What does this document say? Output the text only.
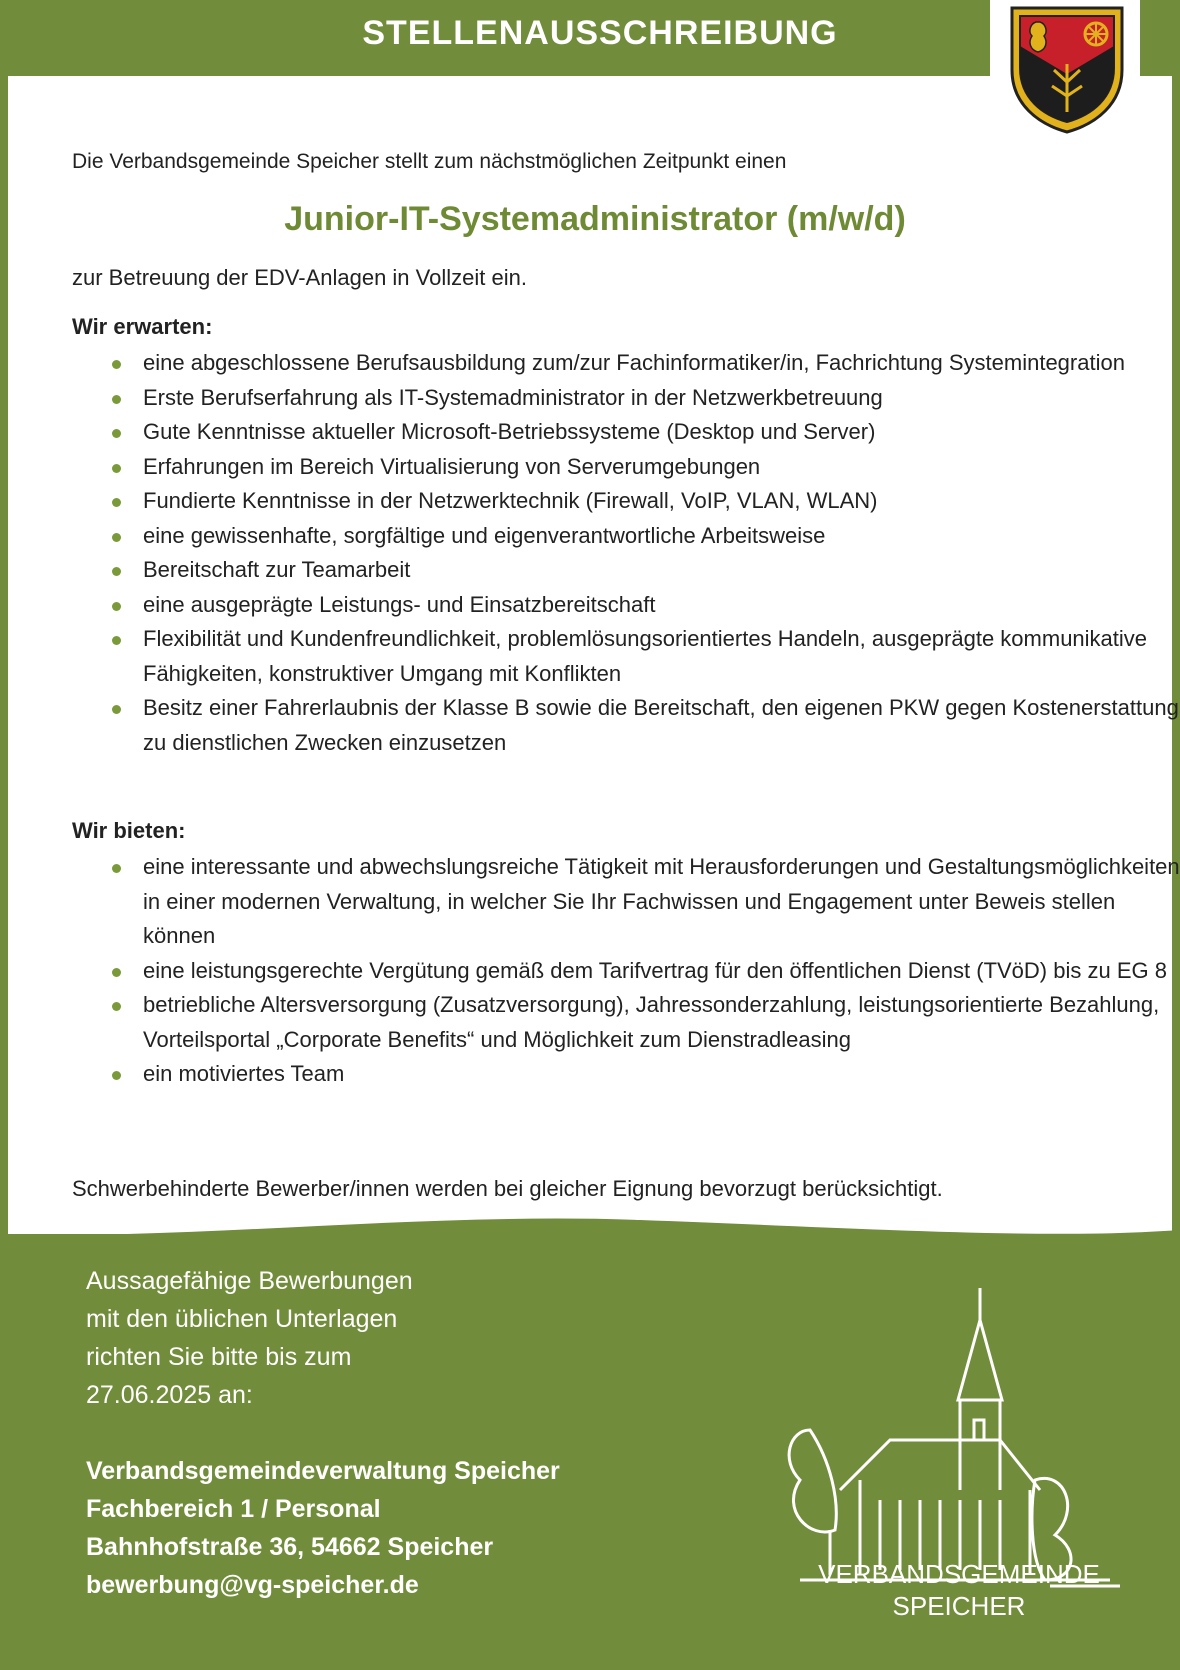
STELLENAUSSCHREIBUNG
Die Verbandsgemeinde Speicher stellt zum nächstmöglichen Zeitpunkt einen
Junior-IT-Systemadministrator (m/w/d)
zur Betreuung der EDV-Anlagen in Vollzeit ein.
Wir erwarten:
eine abgeschlossene Berufsausbildung zum/zur Fachinformatiker/in, Fachrichtung Systemintegration
Erste Berufserfahrung als IT-Systemadministrator in der Netzwerkbetreuung
Gute Kenntnisse aktueller Microsoft-Betriebssysteme (Desktop und Server)
Erfahrungen im Bereich Virtualisierung von Serverumgebungen
Fundierte Kenntnisse in der Netzwerktechnik (Firewall, VoIP, VLAN, WLAN)
eine gewissenhafte, sorgfältige und eigenverantwortliche Arbeitsweise
Bereitschaft zur Teamarbeit
eine ausgeprägte Leistungs- und Einsatzbereitschaft
Flexibilität und Kundenfreundlichkeit, problemlösungsorientiertes Handeln, ausgeprägte kommunikative Fähigkeiten, konstruktiver Umgang mit Konflikten
Besitz einer Fahrerlaubnis der Klasse B sowie die Bereitschaft, den eigenen PKW gegen Kostenerstattung zu dienstlichen Zwecken einzusetzen
Wir bieten:
eine interessante und abwechslungsreiche Tätigkeit mit Herausforderungen und Gestaltungsmöglichkeiten in einer modernen Verwaltung, in welcher Sie Ihr Fachwissen und Engagement unter Beweis stellen können
eine leistungsgerechte Vergütung gemäß dem Tarifvertrag für den öffentlichen Dienst (TVöD) bis zu EG 8
betriebliche Altersversorgung (Zusatzversorgung), Jahressonderzahlung, leistungsorientierte Bezahlung, Vorteilsportal „Corporate Benefits“ und Möglichkeit zum Dienstradleasing
ein motiviertes Team
Schwerbehinderte Bewerber/innen werden bei gleicher Eignung bevorzugt berücksichtigt.
Aussagefähige Bewerbungen
mit den üblichen Unterlagen
richten Sie bitte bis zum
27.06.2025 an:
Verbandsgemeindeverwaltung Speicher
Fachbereich 1 / Personal
Bahnhofstraße 36, 54662 Speicher
bewerbung@vg-speicher.de	VERBANDSGEMEINDE
SPEICHER
